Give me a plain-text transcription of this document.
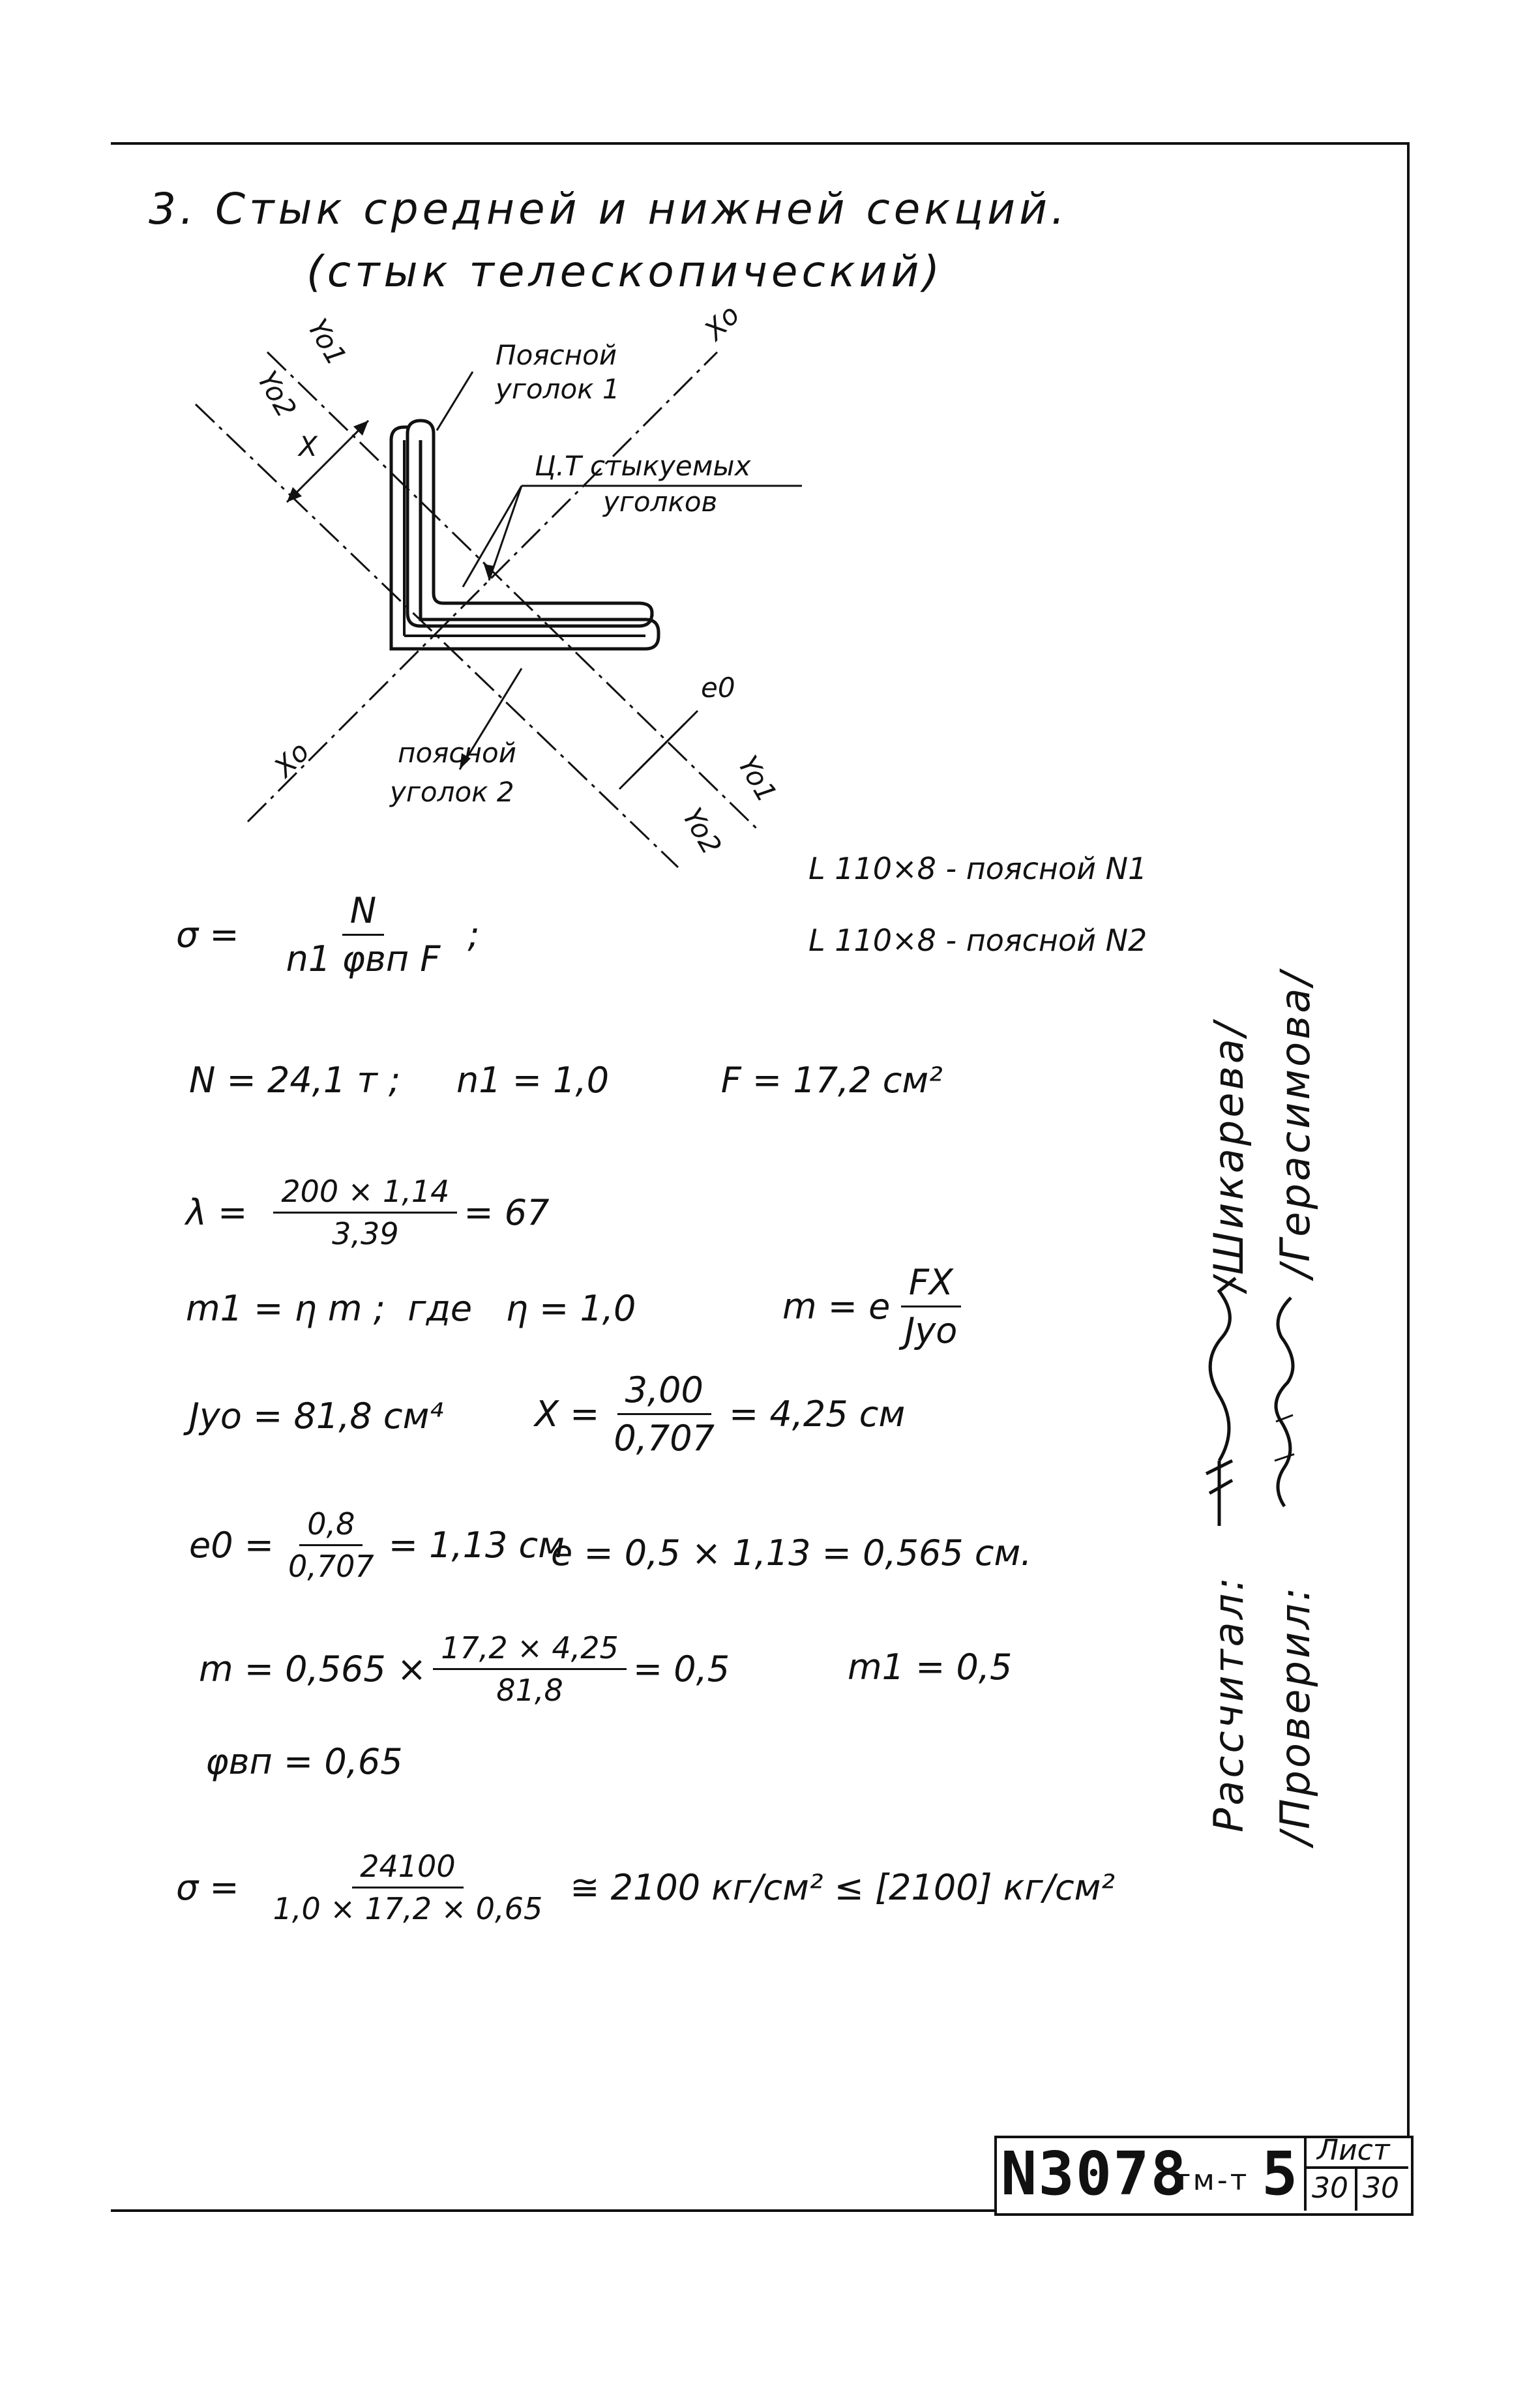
3. Стык средней и нижней секций.
(стык телескопический)
Xo
Yo1
Yo2
X
Поясной
уголок 1
Ц.Т стыкуемых
уголков
e0
Xo	поясной
уголок 2	Yo1
Yo2
L 110×8 - поясной N1
L 110×8 - поясной N2
$\sigma = \frac{N}{\text{n1 φвп F}}$ ;
N = 24,1 т ;     n1 = 1,0          F = 17,2 см²
$\lambda = \frac{200 \times 1,14}{3,39} = 67$
m1 = η m ;  где   η = 1,0	m = e $\frac{FX}{\text{Jyo}}$
Jyo = 81,8 см⁴	$X = \frac{3,00}{0,707} = 4,25$ см
$e0 = \frac{0,8}{0,707} = 1,13$ см
e = 0,5 × 1,13 = 0,565 см.
$m = 0,565 \times \frac{17,2 \times 4,25}{81,8} = 0,5$	m1 = 0,5
φвп = 0,65
$\sigma = \frac{24100}{1,0 \times 17,2 \times 0,65}$ ≅ 2100 кг/см² ≤ [2100] кг/см²
Рассчитал:
/Шикарева/
/Проверил:
/Герасимова/
N3078
тм-т 5 Лист
30 30
